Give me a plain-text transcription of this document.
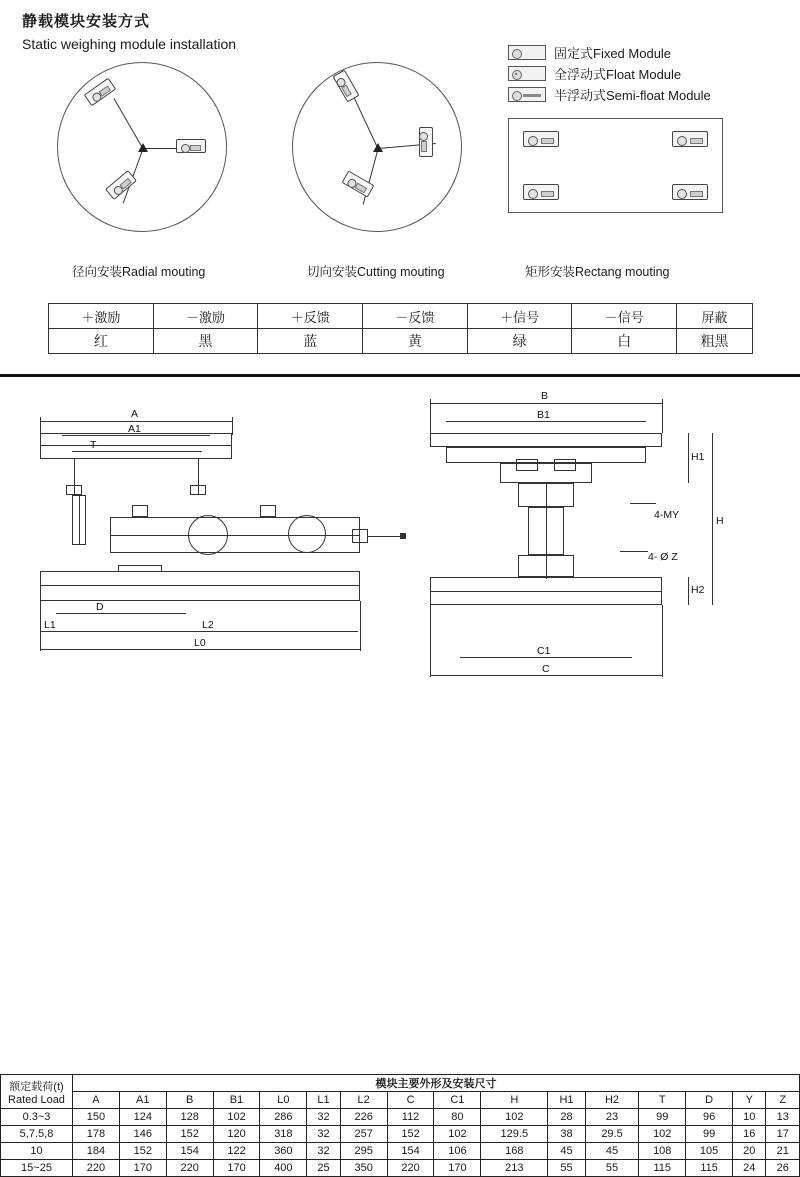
静载模块安装方式
Static weighing module installation
固定式Fixed Module
全浮动式Float Module
半浮动式Semi-float Module
径向安装Radial mouting	切向安装Cutting mouting	矩形安装Rectang mouting
＋激励	－激励	＋反馈	－反馈	＋信号	－信号	屏蔽
红	黑	蓝	黄	绿	白	粗黑
A
A1
T
D
L1	L2
L0
B
B1
H1
H
H2
C1
C
4-MY
4- Ø Z
额定载荷(t)
Rated Load	模块主要外形及安装尺寸															
	A	A1	B	B1	L0	L1	L2	C	C1	H	H1	H2	T	D	Y	Z
0.3~3	150	124	128	102	286	32	226	112	80	102	28	23	99	96	10	13
5,7.5,8	178	146	152	120	318	32	257	152	102	129.5	38	29.5	102	99	16	17
10	184	152	154	122	360	32	295	154	106	168	45	45	108	105	20	21
15~25	220	170	220	170	400	25	350	220	170	213	55	55	115	115	24	26
